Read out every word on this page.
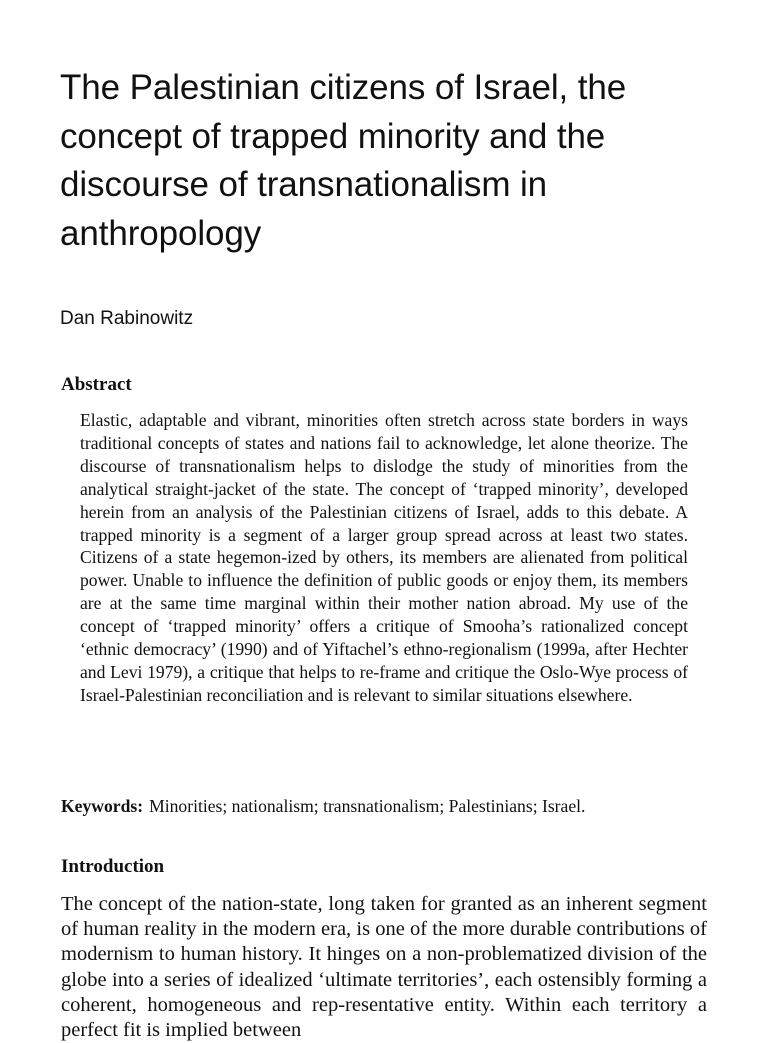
The Palestinian citizens of Israel, the concept of trapped minority and the discourse of transnationalism in anthropology

Dan Rabinowitz

Abstract

Elastic, adaptable and vibrant, minorities often stretch across state borders in ways traditional concepts of states and nations fail to acknowledge, let alone theorize. The discourse of transnationalism helps to dislodge the study of minorities from the analytical straight-jacket of the state. The concept of ‘trapped minority’, developed herein from an analysis of the Palestinian citizens of Israel, adds to this debate. A trapped minority is a segment of a larger group spread across at least two states. Citizens of a state hegemon-ized by others, its members are alienated from political power. Unable to influence the definition of public goods or enjoy them, its members are at the same time marginal within their mother nation abroad. My use of the concept of ‘trapped minority’ offers a critique of Smooha’s rationalized concept ‘ethnic democracy’ (1990) and of Yiftachel’s ethno-regionalism (1999a, after Hechter and Levi 1979), a critique that helps to re-frame and critique the Oslo-Wye process of Israel-Palestinian reconciliation and is relevant to similar situations elsewhere.

Keywords: Minorities; nationalism; transnationalism; Palestinians; Israel.

Introduction

The concept of the nation-state, long taken for granted as an inherent segment of human reality in the modern era, is one of the more durable contributions of modernism to human history. It hinges on a non-problematized division of the globe into a series of idealized ‘ultimate territories’, each ostensibly forming a coherent, homogeneous and rep-resentative entity. Within each territory a perfect fit is implied between
